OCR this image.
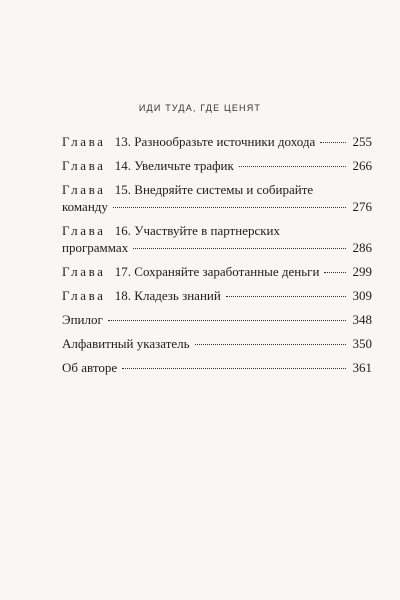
ИДИ ТУДА, ГДЕ ЦЕНЯТ
Глава 13. Разнообразьте источники дохода	255
Глава 14. Увеличьте трафик	266
Глава 15. Внедряйте системы и собирайте
команду	276
Глава 16. Участвуйте в партнерских
программах	286
Глава 17. Сохраняйте заработанные деньги	299
Глава 18. Кладезь знаний	309
Эпилог	348
Алфавитный указатель	350
Об авторе	361
